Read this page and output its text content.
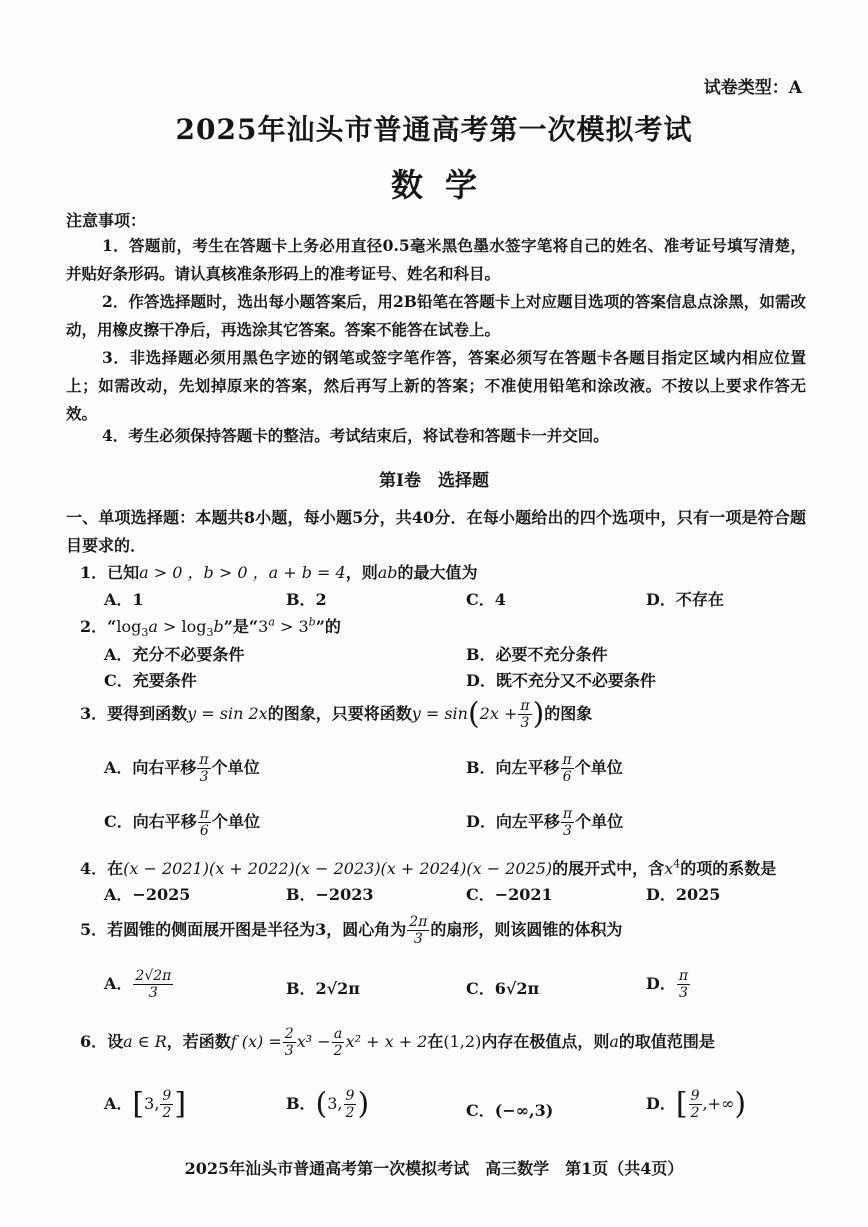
试卷类型：A
2025年汕头市普通高考第一次模拟考试
数学
注意事项：
1．答题前，考生在答题卡上务必用直径0.5毫米黑色墨水签字笔将自己的姓名、准考证号填写清楚，并贴好条形码。请认真核准条形码上的准考证号、姓名和科目。
2．作答选择题时，选出每小题答案后，用2B铅笔在答题卡上对应题目选项的答案信息点涂黑，如需改动，用橡皮擦干净后，再选涂其它答案。答案不能答在试卷上。
3．非选择题必须用黑色字迹的钢笔或签字笔作答，答案必须写在答题卡各题目指定区域内相应位置上；如需改动，先划掉原来的答案，然后再写上新的答案；不准使用铅笔和涂改液。不按以上要求作答无效。
4．考生必须保持答题卡的整洁。考试结束后，将试卷和答题卡一并交回。
第Ⅰ卷　选择题
一、单项选择题：本题共8小题，每小题5分，共40分．在每小题给出的四个选项中，只有一项是符合题目要求的．
1．已知a > 0 ，b > 0 ，a + b = 4，则ab的最大值为
A．1	B．2	C．4	D．不存在
2．“$\log_3a > \log_3b$”是“$3^a > 3^b$”的
A．充分不必要条件	B．必要不充分条件
C．充要条件	D．既不充分又不必要条件
3．要得到函数y = sin 2x的图象，只要将函数$y = \sin(2x + \frac{\pi}{3}$ )的图象
A．向右平移 $\frac{\pi}{3}$ 个单位	B．向左平移 $\frac{\pi}{6}$ 个单位
C．向右平移 $\frac{\pi}{6}$ 个单位	D．向左平移 $\frac{\pi}{3}$ 个单位
4．在(x − 2021)(x + 2022)(x − 2023)(x + 2024)(x − 2025)的展开式中，含$x^4$的项的系数是
A．−2025	B．−2023	C．−2021	D．2025
5．若圆锥的侧面展开图是半径为3，圆心角为 $\frac{2\pi}{3}$ 的扇形，则该圆锥的体积为
A． $\frac{2√2\pi}{3}$	B．2√2π	C．6√2π	D． $\frac{\pi}{3}$
6．设a ∈ R，若函数f $(x) = \frac{2}{3} x^3 - \frac{a}{2} x^2 + x + 2$在(1,2)内存在极值点，则a的取值范围是
A．[3, $\frac{9}{2}$ ]	B．(3, $\frac{9}{2}$ )	C．(−∞,3)	D．[ $\frac{9}{2}$ ,+∞)
2025年汕头市普通高考第一次模拟考试　高三数学　第1页（共4页）
